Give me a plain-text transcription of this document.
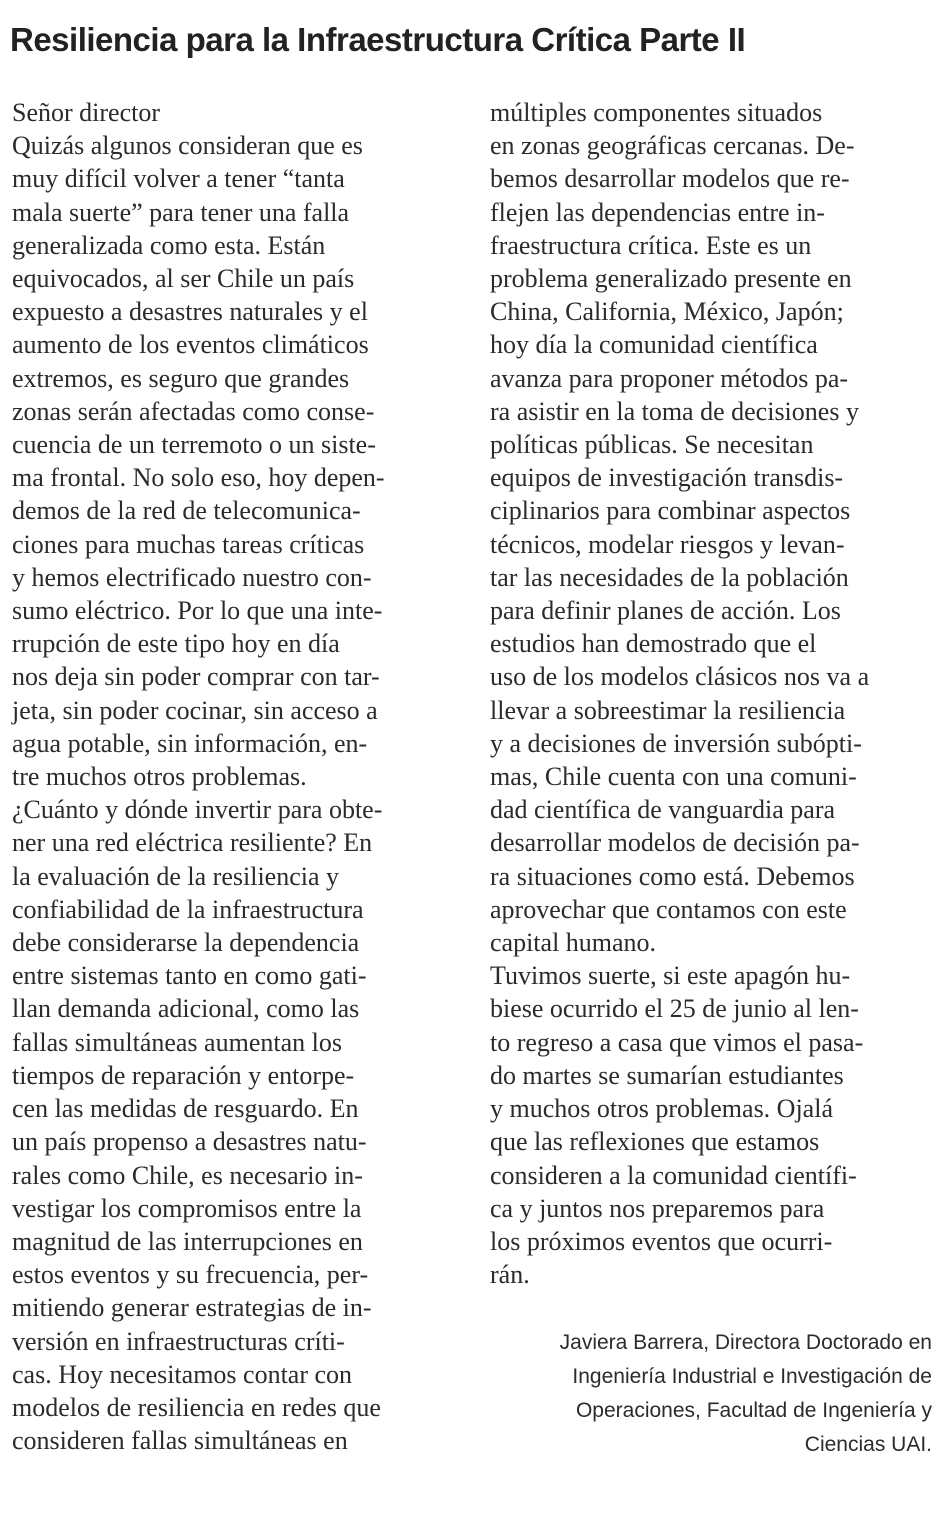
Resiliencia para la Infraestructura Crítica Parte II
Señor director
Quizás algunos consideran que es
muy difícil volver a tener “tanta
mala suerte” para tener una falla
generalizada como esta. Están
equivocados, al ser Chile un país
expuesto a desastres naturales y el
aumento de los eventos climáticos
extremos, es seguro que grandes
zonas serán afectadas como conse-
cuencia de un terremoto o un siste-
ma frontal. No solo eso, hoy depen-
demos de la red de telecomunica-
ciones para muchas tareas críticas
y hemos electrificado nuestro con-
sumo eléctrico. Por lo que una inte-
rrupción de este tipo hoy en día
nos deja sin poder comprar con tar-
jeta, sin poder cocinar, sin acceso a
agua potable, sin información, en-
tre muchos otros problemas.
¿Cuánto y dónde invertir para obte-
ner una red eléctrica resiliente? En
la evaluación de la resiliencia y
confiabilidad de la infraestructura
debe considerarse la dependencia
entre sistemas tanto en como gati-
llan demanda adicional, como las
fallas simultáneas aumentan los
tiempos de reparación y entorpe-
cen las medidas de resguardo. En
un país propenso a desastres natu-
rales como Chile, es necesario in-
vestigar los compromisos entre la
magnitud de las interrupciones en
estos eventos y su frecuencia, per-
mitiendo generar estrategias de in-
versión en infraestructuras críti-
cas. Hoy necesitamos contar con
modelos de resiliencia en redes que
consideren fallas simultáneas en
múltiples componentes situados
en zonas geográficas cercanas. De-
bemos desarrollar modelos que re-
flejen las dependencias entre in-
fraestructura crítica. Este es un
problema generalizado presente en
China, California, México, Japón;
hoy día la comunidad científica
avanza para proponer métodos pa-
ra asistir en la toma de decisiones y
políticas públicas. Se necesitan
equipos de investigación transdis-
ciplinarios para combinar aspectos
técnicos, modelar riesgos y levan-
tar las necesidades de la población
para definir planes de acción. Los
estudios han demostrado que el
uso de los modelos clásicos nos va a
llevar a sobreestimar la resiliencia
y a decisiones de inversión subópti-
mas, Chile cuenta con una comuni-
dad científica de vanguardia para
desarrollar modelos de decisión pa-
ra situaciones como está. Debemos
aprovechar que contamos con este
capital humano.
Tuvimos suerte, si este apagón hu-
biese ocurrido el 25 de junio al len-
to regreso a casa que vimos el pasa-
do martes se sumarían estudiantes
y muchos otros problemas. Ojalá
que las reflexiones que estamos
consideren a la comunidad científi-
ca y juntos nos preparemos para
los próximos eventos que ocurri-
rán.
Javiera Barrera, Directora Doctorado en
Ingeniería Industrial e Investigación de
Operaciones, Facultad de Ingeniería y
Ciencias UAI.
